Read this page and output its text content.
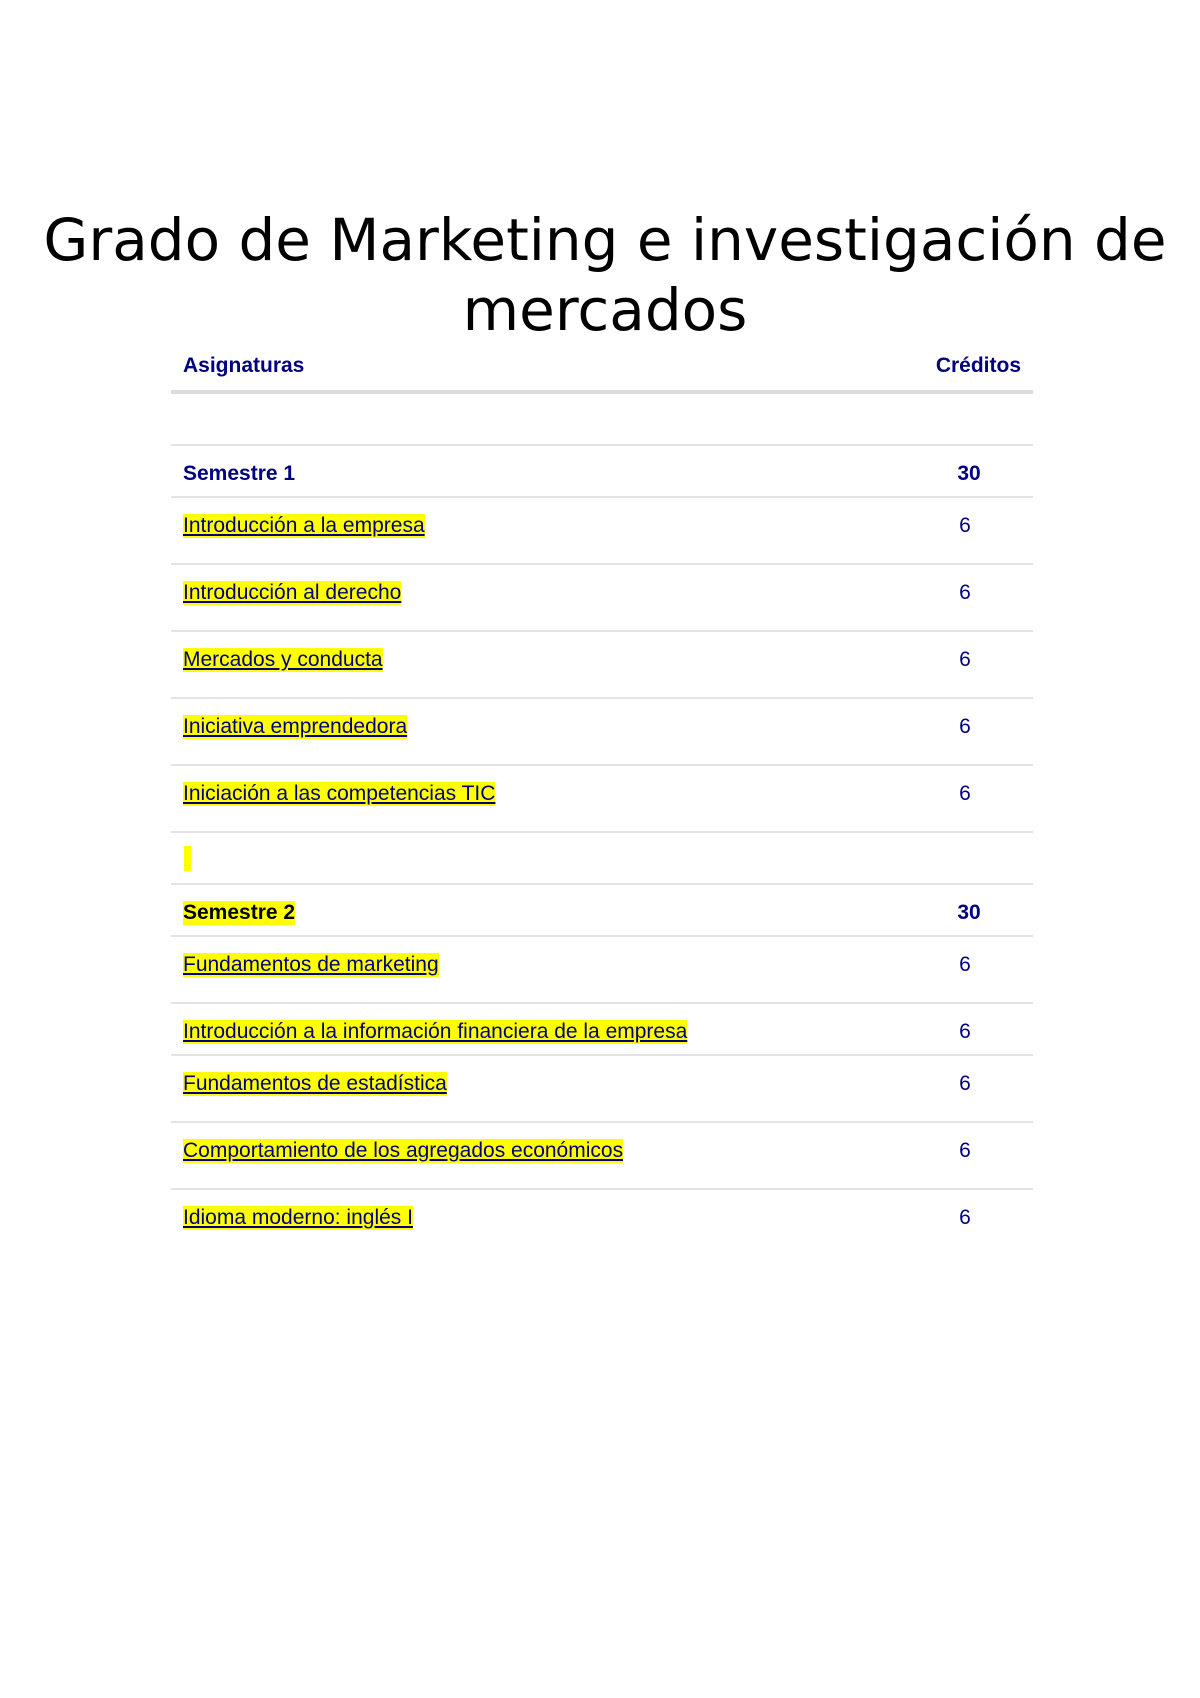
Grado de Marketing e investigación de mercados
Asignaturas	Créditos
Semestre 1	30
Introducción a la empresa	6
Introducción al derecho	6
Mercados y conducta	6
Iniciativa emprendedora	6
Iniciación a las competencias TIC	6
Semestre 2	30
Fundamentos de marketing	6
Introducción a la información financiera de la empresa	6
Fundamentos de estadística	6
Comportamiento de los agregados económicos	6
Idioma moderno: inglés I	6
